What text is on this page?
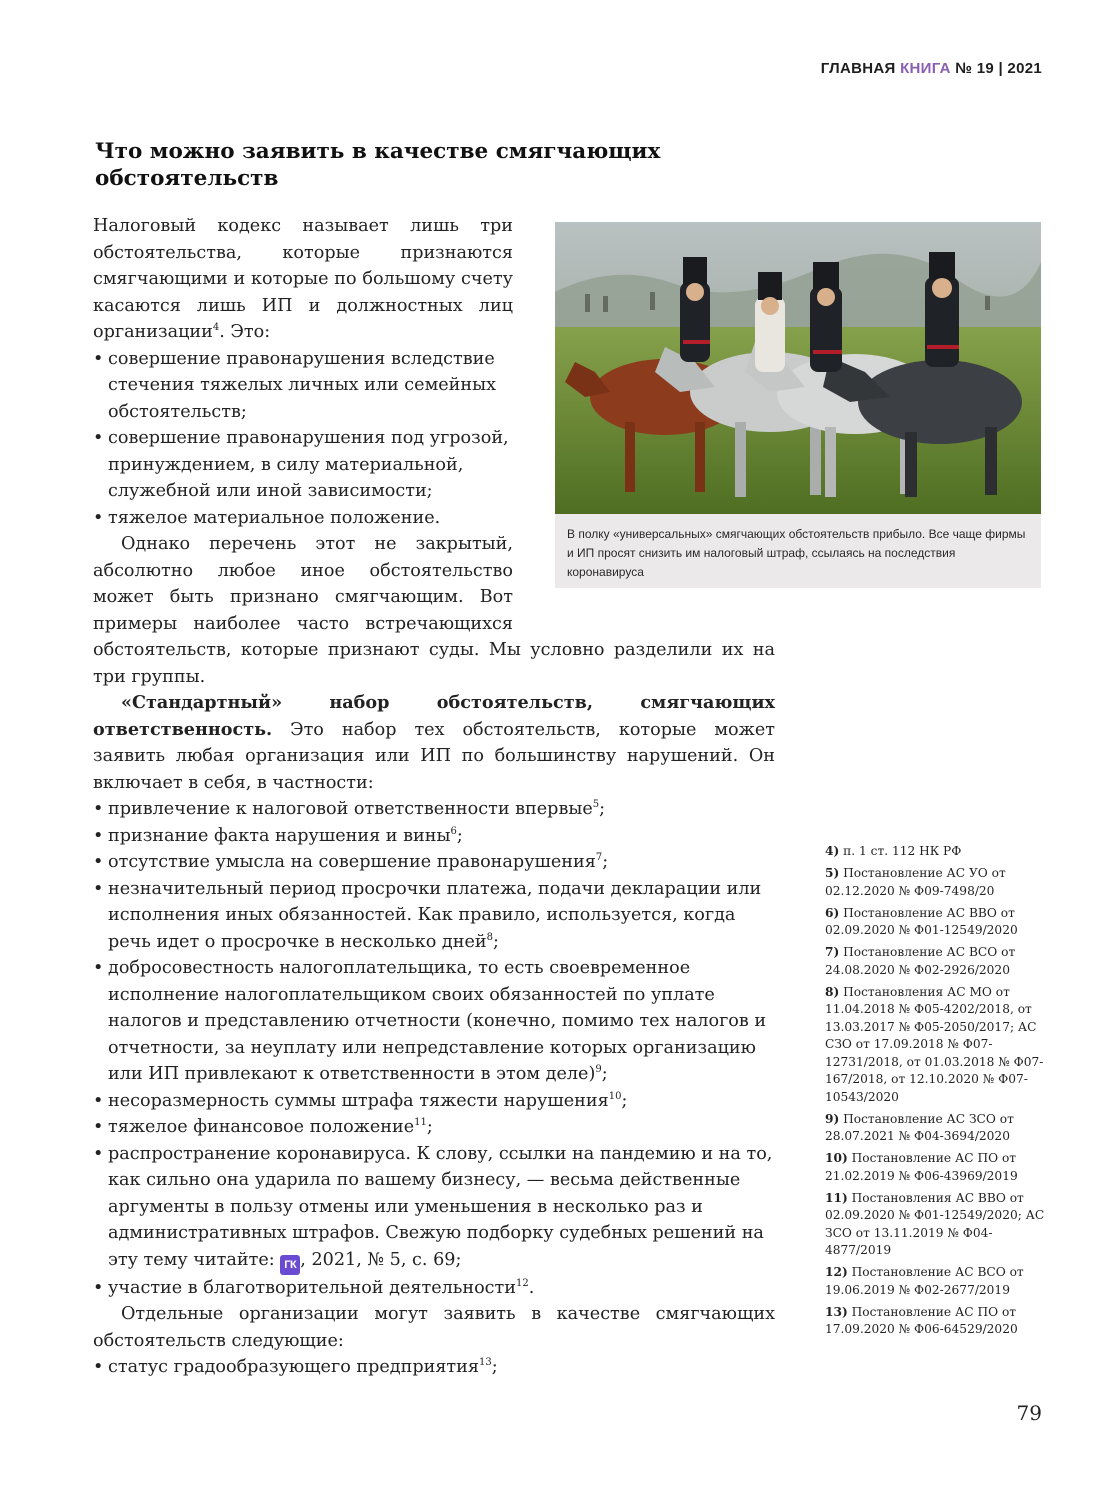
ГЛАВНАЯ КНИГА № 19 | 2021
Что можно заявить в качестве смягчающих обстоятельств
В полку «универсальных» смягчающих обстоятельств прибыло. Все чаще фирмы и ИП просят снизить им налоговый штраф, ссылаясь на последствия коронавируса

Налоговый кодекс называет лишь три обстоятельства, которые признаются смягчающими и которые по большому счету касаются лишь ИП и должностных лиц организации$^4$. Это:

• совершение правонарушения вследствие стечения тяжелых личных или семейных обстоятельств;
• совершение правонарушения под угрозой, принуждением, в силу материальной, служебной или иной зависимости;
• тяжелое материальное положение.

Однако перечень этот не закрытый, абсолютно любое иное обстоятельство может быть признано смягчающим. Вот примеры наиболее часто встречающихся обстоятельств, которые признают суды. Мы условно разделили их на три группы.

«Стандартный» набор обстоятельств, смягчающих ответственность. Это набор тех обстоятельств, которые может заявить любая организация или ИП по большинству нарушений. Он включает в себя, в частности:

• привлечение к налоговой ответственности впервые$^5$;
• признание факта нарушения и вины$^6$;
• отсутствие умысла на совершение правонарушения$^7$;
• незначительный период просрочки платежа, подачи декларации или исполнения иных обязанностей. Как правило, используется, когда речь идет о просрочке в несколько дней$^8$;
• добросовестность налогоплательщика, то есть своевременное исполнение налогоплательщиком своих обязанностей по уплате налогов и представлению отчетности (конечно, помимо тех налогов и отчетности, за неуплату или непредставление которых организацию или ИП привлекают к ответственности в этом деле)$^9$;
• несоразмерность суммы штрафа тяжести нарушения$^{10}$;
• тяжелое финансовое положение$^{11}$;
• распространение коронавируса. К слову, ссылки на пандемию и на то, как сильно она ударила по вашему бизнесу, — весьма действенные аргументы в пользу отмены или уменьшения в несколько раз и административных штрафов. Свежую подборку судебных решений на эту тему читайте: ГК , 2021, № 5, с. 69;
• участие в благотворительной деятельности$^{12}$.

Отдельные организации могут заявить в качестве смягчающих обстоятельств следующие:

• статус градообразующего предприятия$^{13}$;
4) п. 1 ст. 112 НК РФ
5) Постановление АС УО от 02.12.2020 № Ф09-7498/20
6) Постановление АС ВВО от 02.09.2020 № Ф01-12549/2020
7) Постановление АС ВСО от 24.08.2020 № Ф02-2926/2020
8) Постановления АС МО от 11.04.2018 № Ф05-4202/2018, от 13.03.2017 № Ф05-2050/2017; АС СЗО от 17.09.2018 № Ф07-12731/2018, от 01.03.2018 № Ф07-167/2018, от 12.10.2020 № Ф07-10543/2020
9) Постановление АС ЗСО от 28.07.2021 № Ф04-3694/2020
10) Постановление АС ПО от 21.02.2019 № Ф06-43969/2019
11) Постановления АС ВВО от 02.09.2020 № Ф01-12549/2020; АС ЗСО от 13.11.2019 № Ф04-4877/2019
12) Постановление АС ВСО от 19.06.2019 № Ф02-2677/2019
13) Постановление АС ПО от 17.09.2020 № Ф06-64529/2020
79
